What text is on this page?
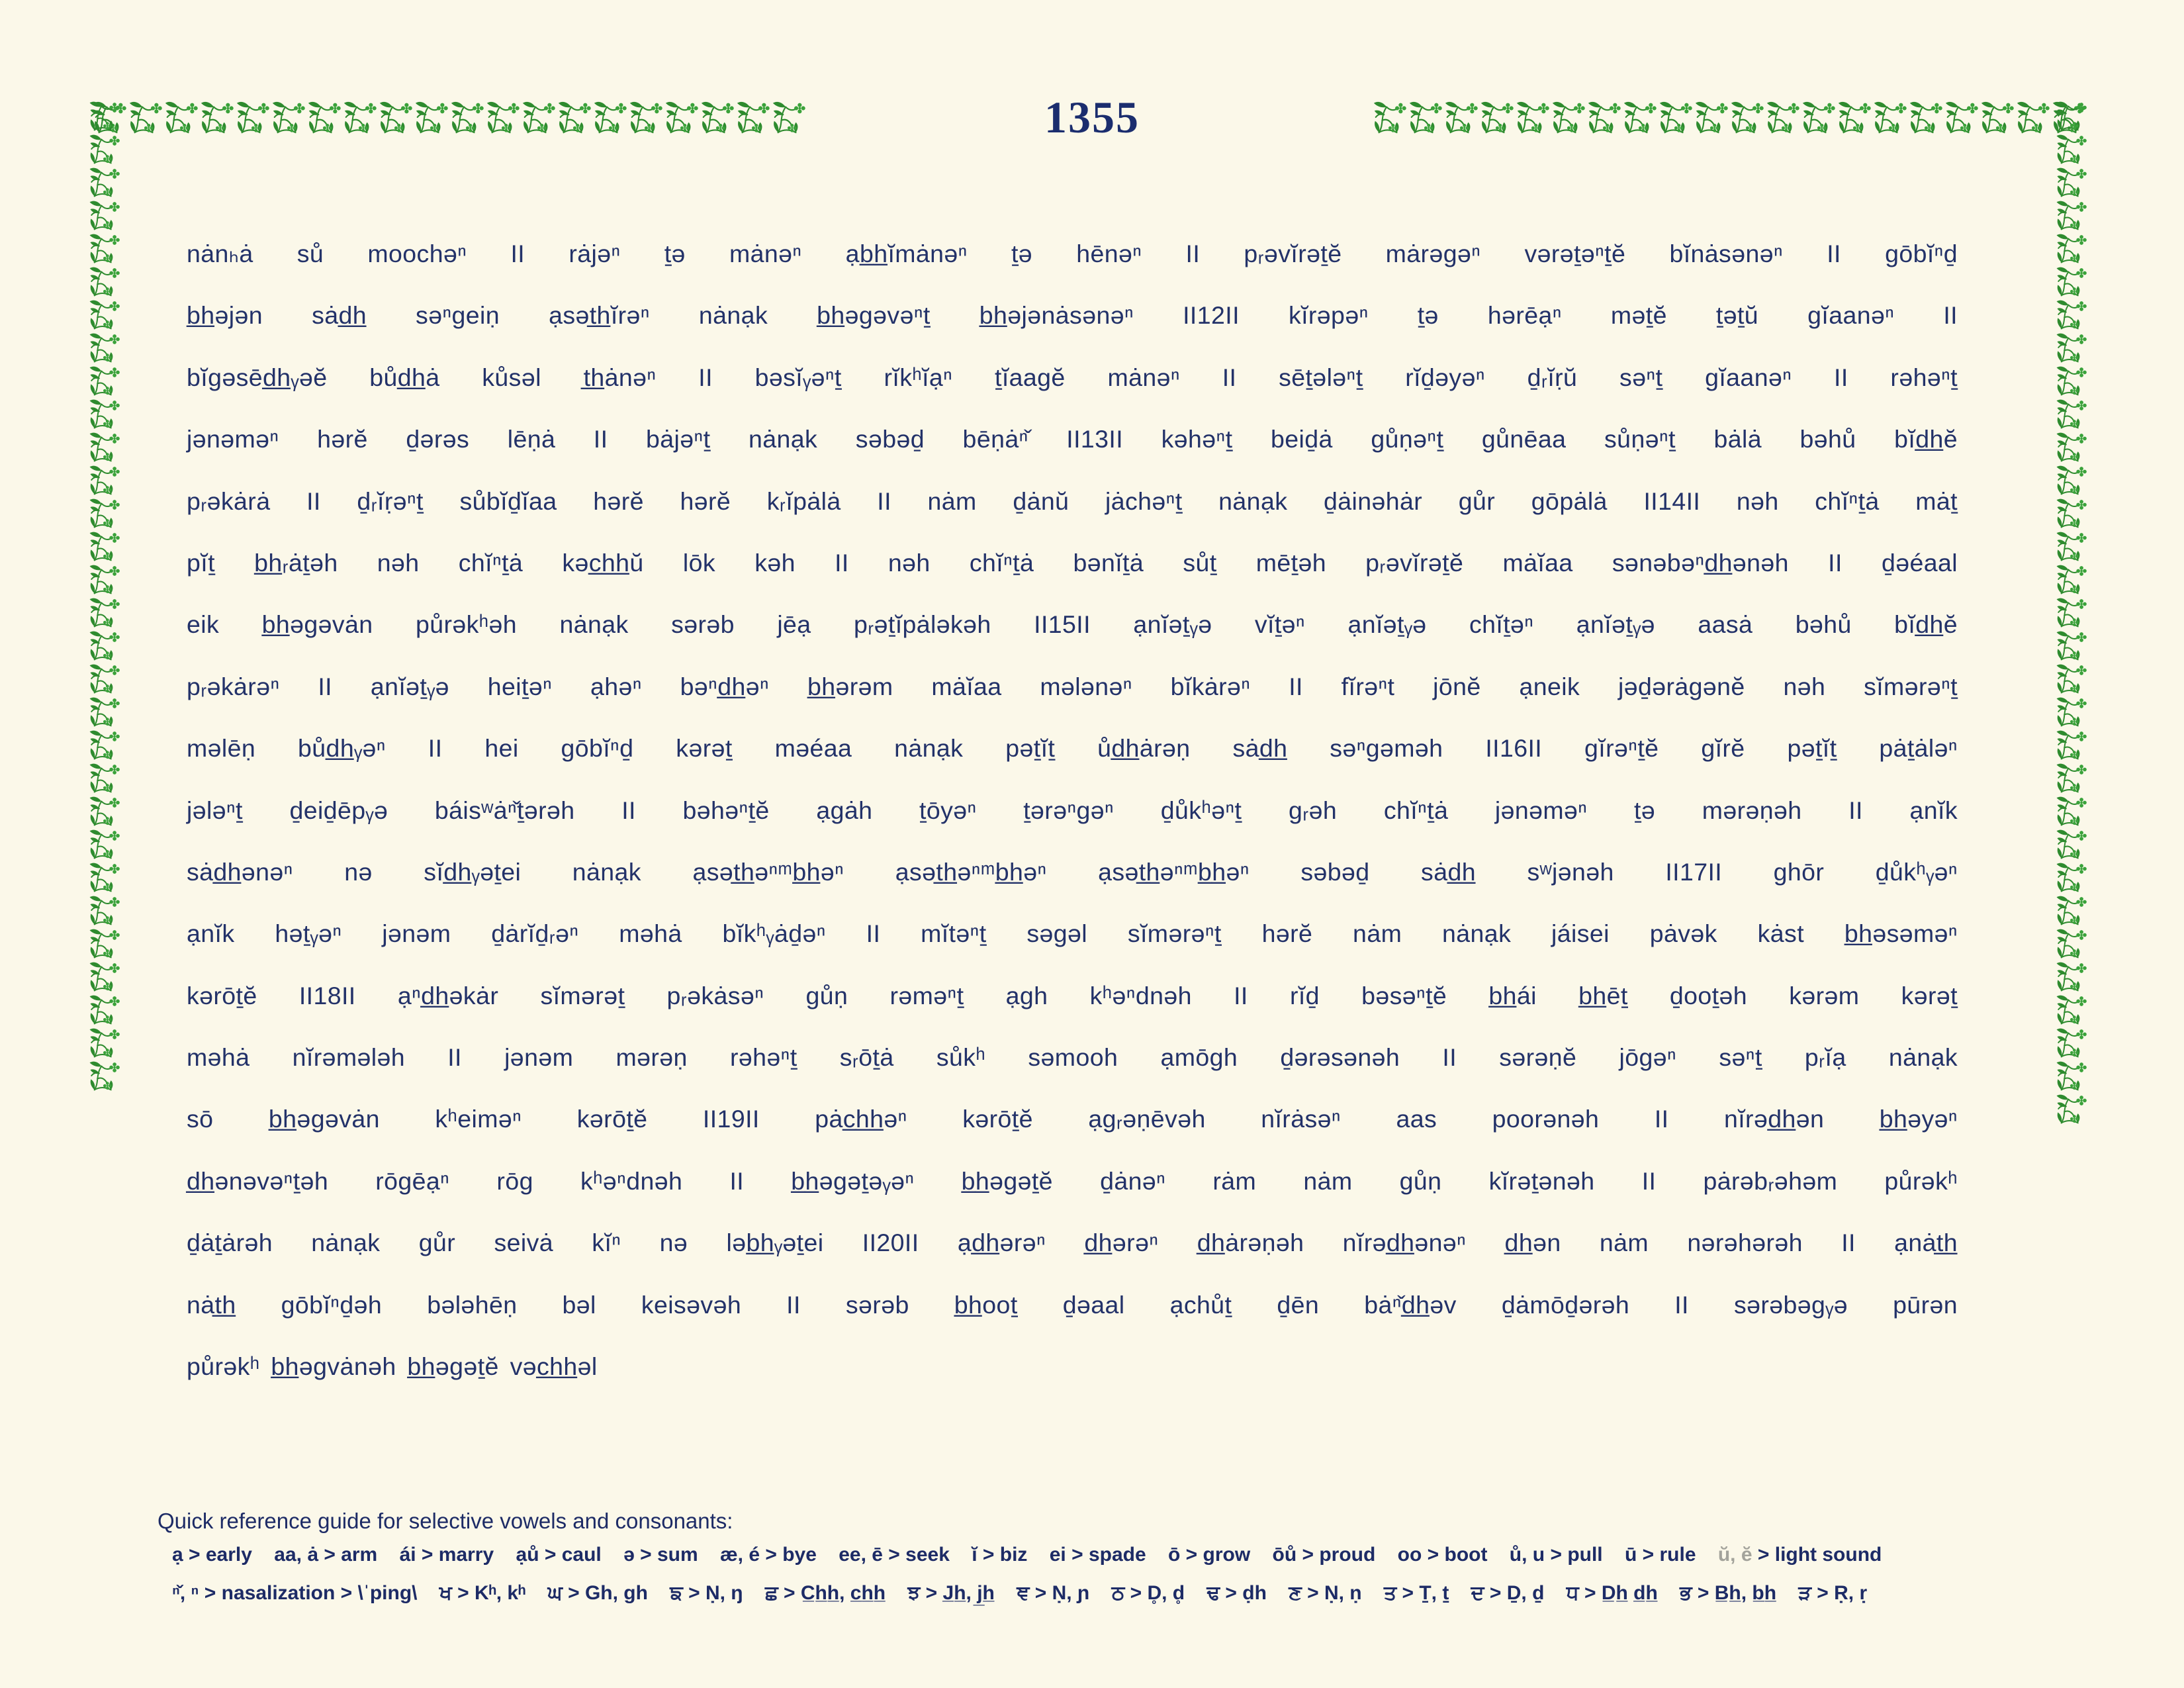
1355
nȧnₕȧ sů moochəⁿ II rȧjəⁿ ṯə mȧnəⁿ ạb̲h̲ĭmȧnəⁿ ṯə hēnəⁿ II pᵣəvĭrəṯĕ mȧrəgəⁿ vərəṯəⁿṯĕ bĭnȧsənəⁿ II gōbĭⁿḏ
b̲h̲əjən sȧd̲h̲ səⁿgeiṇ ạsət̲h̲ĭrəⁿ nȧnạk b̲h̲əgəvəⁿṯ b̲h̲əjənȧsənəⁿ II12II kĭrəpəⁿ ṯə hərēạⁿ məṯĕ ṯəṯŭ gĭaanəⁿ II
bĭgəsēd̲h̲ᵧəĕ bůd̲h̲ȧ kůsəl t̲h̲ȧnəⁿ II bəsĭᵧəⁿṯ rĭkʰĭạⁿ ṯĭaagĕ mȧnəⁿ II sēṯələⁿṯ rĭḏəyəⁿ ḏᵣĭṛŭ səⁿṯ gĭaanəⁿ II rəhəⁿṯ
jənəməⁿ hərĕ ḏərəs lēṇȧ II bȧjəⁿṯ nȧnạk səbəḏ bēṇȧⁿ̌ II13II kəhəⁿṯ beiḏȧ gůṇəⁿṯ gůnēaa sůṇəⁿṯ bȧlȧ bəhů bĭd̲h̲ĕ
pᵣəkȧrȧ II ḏᵣĭṛəⁿṯ sůbĭḏĭaa hərĕ hərĕ kᵣĭpȧlȧ II nȧm ḏȧnŭ jȧchəⁿṯ nȧnạk ḏȧinəhȧr gůr gōpȧlȧ II14II nəh chĭⁿṯȧ mȧṯ
pĭṯ b̲h̲ᵣȧṯəh nəh chĭⁿṯȧ kəc̲h̲h̲ŭ lōk kəh II nəh chĭⁿṯȧ bənĭṯȧ sůṯ mēṯəh pᵣəvĭrəṯĕ mȧĭaa sənəbəⁿd̲h̲ənəh II ḏəéaal
eik b̲h̲əgəvȧn půrəkʰəh nȧnạk sərəb jēạ pᵣəṯĭpȧləkəh II15II ạnĭəṯᵧə vĭṯəⁿ ạnĭəṯᵧə chĭṯəⁿ ạnĭəṯᵧə aasȧ bəhů bĭd̲h̲ĕ
pᵣəkȧrəⁿ II ạnĭəṯᵧə heiṯəⁿ ạhəⁿ bəⁿd̲h̲əⁿ b̲h̲ərəm mȧĭaa mələnəⁿ bĭkȧrəⁿ II fĭrəⁿt jōnĕ ạneik jəḏərȧgənĕ nəh sĭmərəⁿṯ
məlēṇ bůd̲h̲ᵧəⁿ II hei gōbĭⁿḏ kərəṯ məéaa nȧnạk pəṯĭṯ ůd̲h̲ȧrəṇ sȧd̲h̲ səⁿgəməh II16II gĭrəⁿṯĕ gĭrĕ pəṯĭṯ pȧṯȧləⁿ
jələⁿṯ ḏeiḏēpᵧə báisʷȧⁿ̌ṯərəh II bəhəⁿṯĕ ạgȧh ṯōyəⁿ ṯərəⁿgəⁿ ḏůkʰəⁿṯ gᵣəh chĭⁿṯȧ jənəməⁿ ṯə mərəṇəh II ạnĭk
sȧd̲h̲ənəⁿ nə sĭd̲h̲ᵧəṯei nȧnạk ạsət̲h̲əⁿᵐb̲h̲əⁿ ạsət̲h̲əⁿᵐb̲h̲əⁿ ạsət̲h̲əⁿᵐb̲h̲əⁿ səbəḏ sȧd̲h̲ sʷjənəh II17II ghōr ḏůkʰᵧəⁿ
ạnĭk həṯᵧəⁿ jənəm ḏȧrĭḏᵣəⁿ məhȧ bĭkʰᵧȧḏəⁿ II mĭtəⁿṯ səgəl sĭmərəⁿṯ hərĕ nȧm nȧnạk jáisei pȧvək kȧst b̲h̲əsəməⁿ
kərōṯĕ II18II ạⁿd̲h̲əkȧr sĭmərəṯ pᵣəkȧsəⁿ gůṇ rəməⁿṯ ạgh kʰəⁿdnəh II rĭḏ bəsəⁿṯĕ b̲h̲ái b̲h̲ēṯ ḏooṯəh kərəm kərəṯ
məhȧ nĭrəmələh II jənəm mərəṇ rəhəⁿṯ sᵣōṯȧ sůkʰ səmooh ạmōgh ḏərəsənəh II sərəṇĕ jōgəⁿ səⁿṯ pᵣĭạ nȧnạk
sō b̲h̲əgəvȧn kʰeiməⁿ kərōṯĕ II19II pȧc̲h̲h̲əⁿ kərōṯĕ ạgᵣəṇēvəh nĭrȧsəⁿ aas poorənəh II nĭrəd̲h̲ən b̲h̲əyəⁿ
d̲h̲ənəvəⁿṯəh rōgēạⁿ rōg kʰəⁿdnəh II b̲h̲əgəṯəᵧəⁿ b̲h̲əgəṯĕ ḏȧnəⁿ rȧm nȧm gůṇ kĭrəṯənəh II pȧrəbᵣəhəm půrəkʰ
ḏȧṯȧrəh nȧnạk gůr seivȧ kĭⁿ nə ləb̲h̲ᵧəṯei II20II ạd̲h̲ərəⁿ d̲h̲ərəⁿ d̲h̲ȧrəṇəh nĭrəd̲h̲ənəⁿ d̲h̲ən nȧm nərəhərəh II ạnȧt̲h̲
nȧt̲h̲ gōbĭⁿḏəh bələhēṇ bəl keisəvəh II sərəb b̲h̲ooṯ ḏəaal ạchůṯ ḏēn bȧⁿ̌d̲h̲əv ḏȧmōḏərəh II sərəbəgᵧə pūrən
půrəkʰ b̲h̲əgvȧnəh b̲h̲əgəṯĕ vəc̲h̲h̲əl
Quick reference guide for selective vowels and consonants:
ạ > early    aa, ȧ > arm    ái > marry    ạů > caul    ə > sum    æ, é > bye    ee, ē > seek    ĭ > biz    ei > spade    ō > grow    ōů > proud    oo > boot    ů, u > pull    ū > rule    ŭ, ĕ > light sound
ⁿ̌, ⁿ > nasalization > \ˈping\    ਖ > Kʰ, kʰ    ਘ > Gh, gh    ਙ > Ṇ, ŋ    ਛ > C̲h̲h̲, c̲h̲h̲    ਝ > J̲h̲, j̲h̲    ਞ > Ṇ, ɲ    ਠ > D̥, d̥    ਢ > ḍh    ਣ > Ṇ, ṇ    ਤ > Ṯ, ṯ    ਦ > Ḏ, ḏ    ਧ > D̲h̲ d̲h̲    ਭ > B̲h̲, b̲h̲    ੜ > Ṛ, ṛ
